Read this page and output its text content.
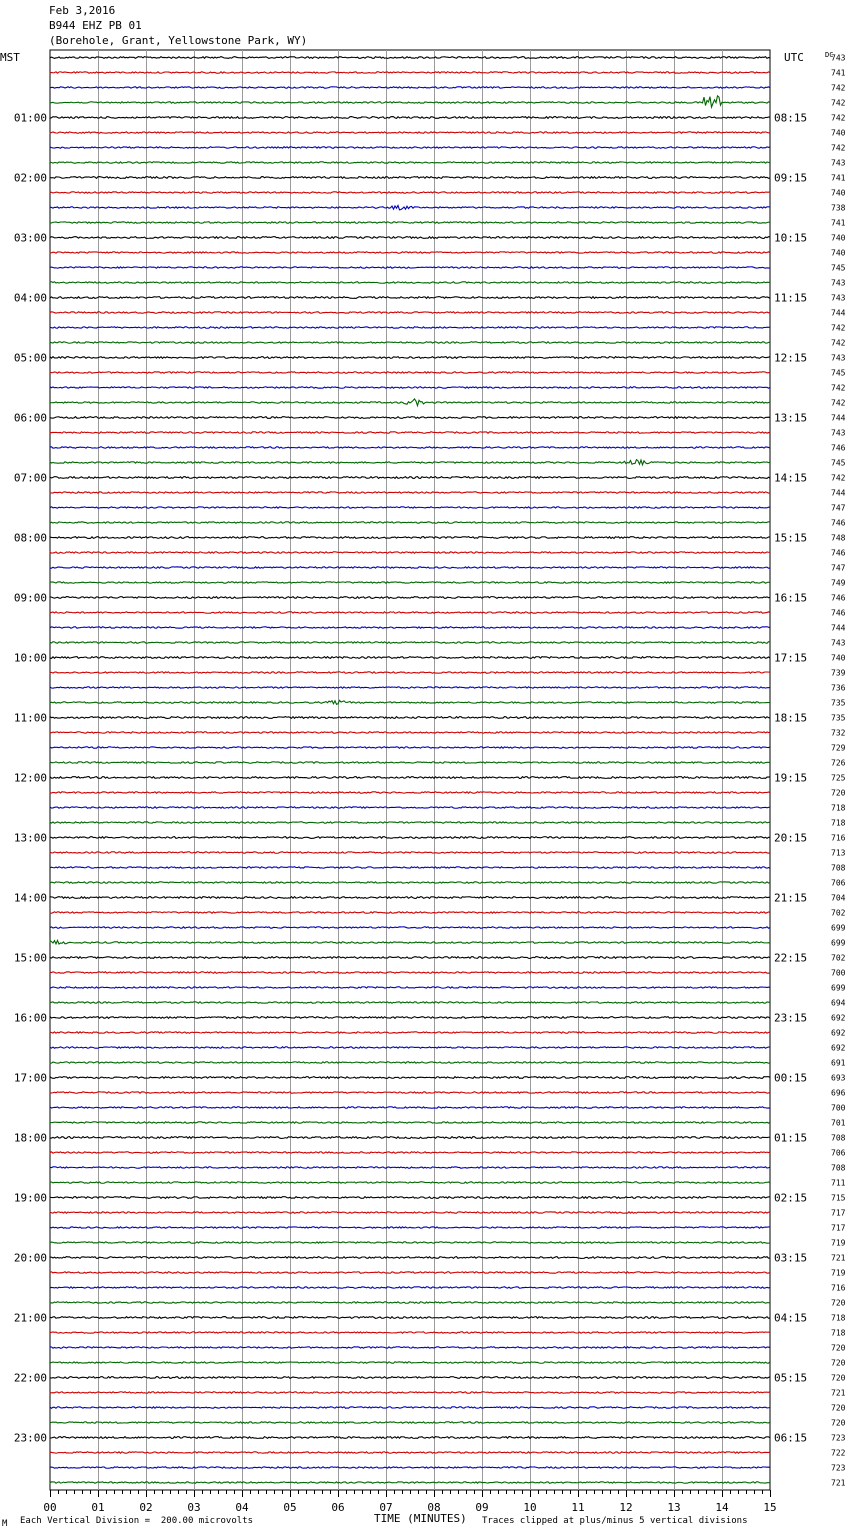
Feb 3,2016
B944 EHZ PB 01
(Borehole, Grant, Yellowstone Park, WY)
743
741
742
742
742
740
742
743
741
740
738
741
740
740
745
743
743
744
742
742
743
745
742
742
744
743
746
745
742
744
747
746
748
746
747
749
746
746
744
743
740
739
736
735
735
732
729
726
725
720
718
718
716
713
708
706
704
702
699
699
702
700
699
694
692
692
692
691
693
696
700
701
708
706
708
711
715
717
717
719
721
719
716
720
718
718
720
720
720
721
720
720
723
722
723
721
MST	UTC	DC
01:00
02:00
03:00
04:00
05:00
06:00
07:00
08:00
09:00
10:00
11:00
12:00
13:00
14:00
15:00
16:00
17:00
18:00
19:00
20:00
21:00
22:00
23:00
08:15
09:15
10:15
11:15
12:15
13:15
14:15
15:15
16:15
17:15
18:15
19:15
20:15
21:15
22:15
23:15
00:15
01:15
02:15
03:15
04:15
05:15
06:15
00	01	02	03	04	05	06	07	08	09	10	11	12	13	14	15
M Each Vertical Division =  200.00 microvolts	TIME (MINUTES) Traces clipped at plus/minus 5 vertical divisions
